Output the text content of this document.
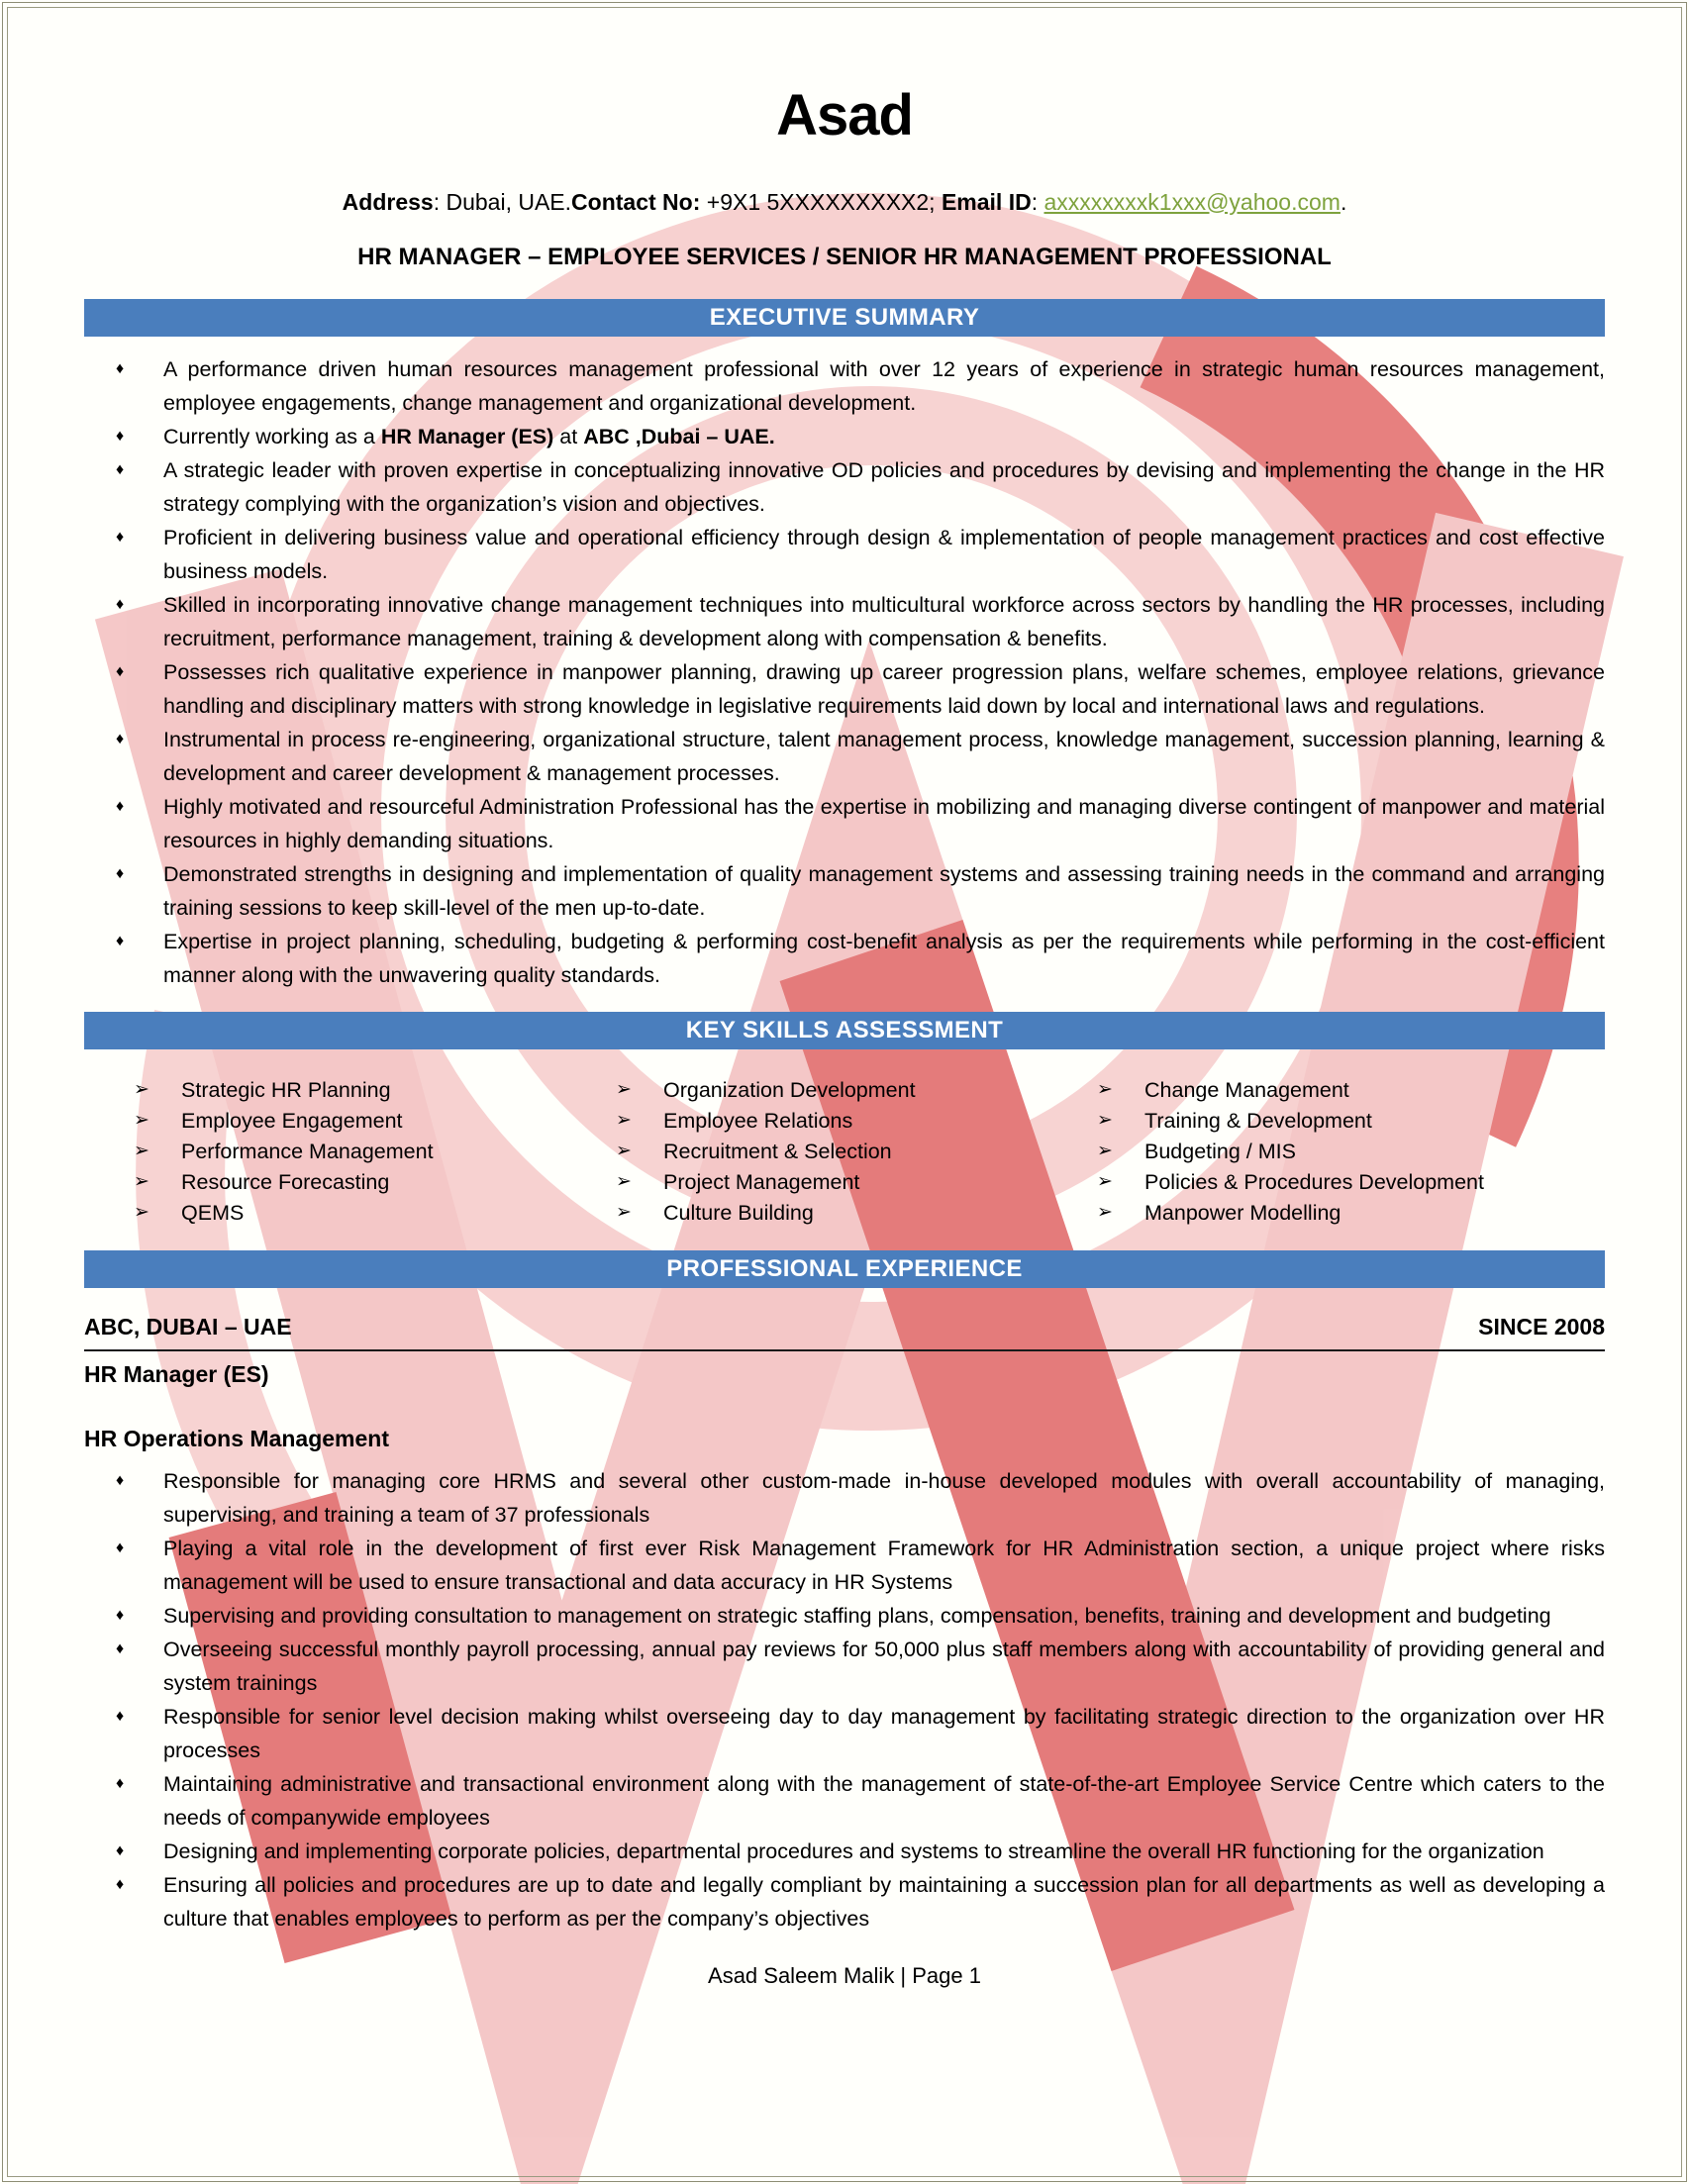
Asad
Address: Dubai, UAE.Contact No: +9X1 5XXXXXXXXX2; Email ID: axxxxxxxxk1xxx@yahoo.com.
HR MANAGER – EMPLOYEE SERVICES / SENIOR HR MANAGEMENT PROFESSIONAL
EXECUTIVE SUMMARY
♦ A performance driven human resources management professional with over 12 years of experience in strategic human resources management, employee engagements, change management and organizational development.
♦ Currently working as a HR Manager (ES) at ABC ,Dubai – UAE.
♦ A strategic leader with proven expertise in conceptualizing innovative OD policies and procedures by devising and implementing the change in the HR strategy complying with the organization’s vision and objectives.
♦ Proficient in delivering business value and operational efficiency through design & implementation of people management practices and cost effective business models.
♦ Skilled in incorporating innovative change management techniques into multicultural workforce across sectors by handling the HR processes, including recruitment, performance management, training & development along with compensation & benefits.
♦ Possesses rich qualitative experience in manpower planning, drawing up career progression plans, welfare schemes, employee relations, grievance handling and disciplinary matters with strong knowledge in legislative requirements laid down by local and international laws and regulations.
♦ Instrumental in process re-engineering, organizational structure, talent management process, knowledge management, succession planning, learning & development and career development & management processes.
♦ Highly motivated and resourceful Administration Professional has the expertise in mobilizing and managing diverse contingent of manpower and material resources in highly demanding situations.
♦ Demonstrated strengths in designing and implementation of quality management systems and assessing training needs in the command and arranging training sessions to keep skill-level of the men up-to-date.
♦ Expertise in project planning, scheduling, budgeting & performing cost-benefit analysis as per the requirements while performing in the cost-efficient manner along with the unwavering quality standards.
KEY SKILLS ASSESSMENT
➢	Strategic HR Planning
➢	Employee Engagement
➢	Performance Management
➢	Resource Forecasting
➢	QEMS
➢	Organization Development
➢	Employee Relations
➢	Recruitment & Selection
➢	Project Management
➢	Culture Building
➢	Change Management
➢	Training & Development
➢	Budgeting / MIS
➢	Policies & Procedures Development
➢	Manpower Modelling
PROFESSIONAL EXPERIENCE
ABC, DUBAI – UAE	SINCE 2008
HR Manager (ES)
HR Operations Management
♦ Responsible for managing core HRMS and several other custom-made in-house developed modules with overall accountability of managing, supervising, and training a team of 37 professionals
♦ Playing a vital role in the development of first ever Risk Management Framework for HR Administration section, a unique project where risks management will be used to ensure transactional and data accuracy in HR Systems
♦ Supervising and providing consultation to management on strategic staffing plans, compensation, benefits, training and development and budgeting
♦ Overseeing successful monthly payroll processing, annual pay reviews for 50,000 plus staff members along with accountability of providing general and system trainings
♦ Responsible for senior level decision making whilst overseeing day to day management by facilitating strategic direction to the organization over HR processes
♦ Maintaining administrative and transactional environment along with the management of state-of-the-art Employee Service Centre which caters to the needs of companywide employees
♦ Designing and implementing corporate policies, departmental procedures and systems to streamline the overall HR functioning for the organization
♦ Ensuring all policies and procedures are up to date and legally compliant by maintaining a succession plan for all departments as well as developing a culture that enables employees to perform as per the company’s objectives
Asad Saleem Malik | Page 1
